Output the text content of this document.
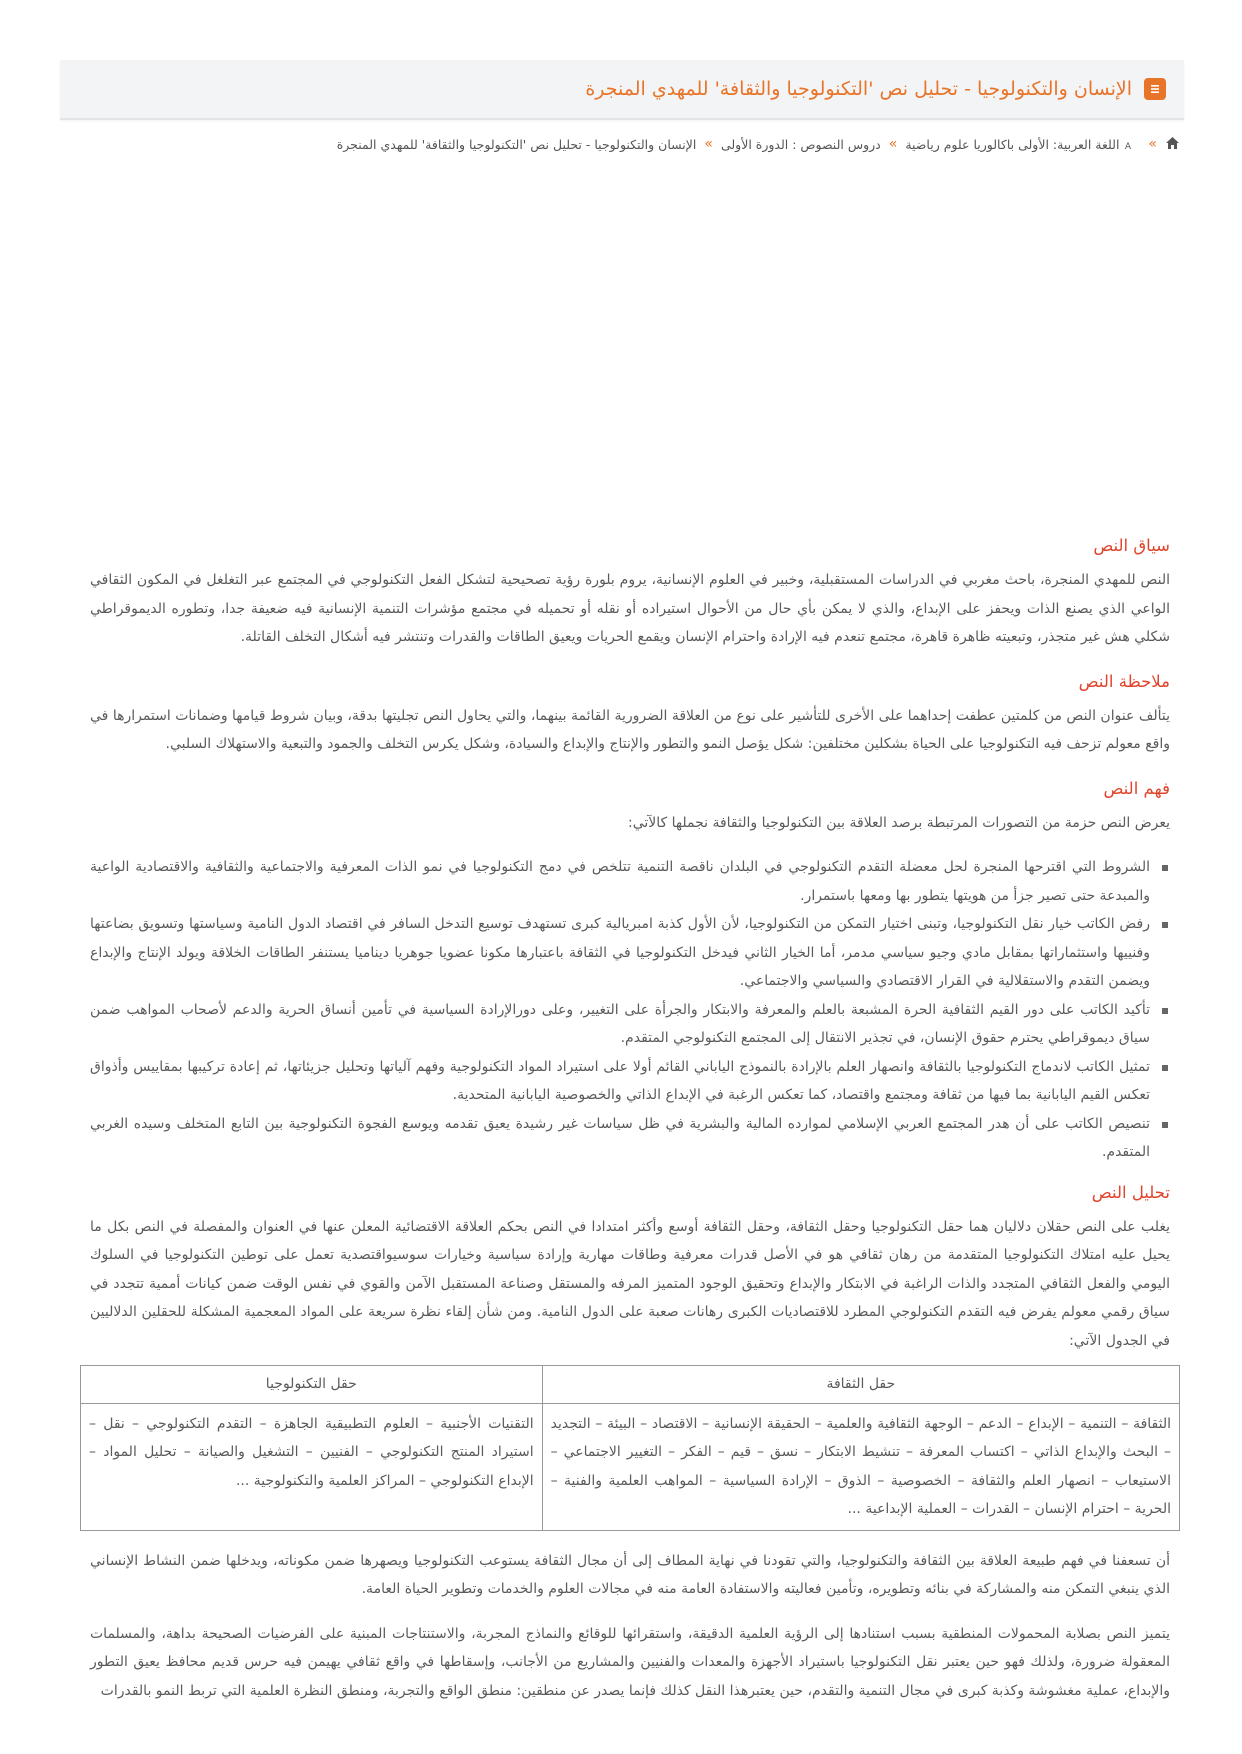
الإنسان والتكنولوجيا - تحليل نص 'التكنولوجيا والثقافة' للمهدي المنجرة
»
A
اللغة العربية: الأولى باكالوريا علوم رياضية
»
دروس النصوص : الدورة الأولى
»
الإنسان والتكنولوجيا - تحليل نص 'التكنولوجيا والثقافة' للمهدي المنجرة
سياق النص

النص للمهدي المنجرة، باحث مغربي في الدراسات المستقبلية، وخبير في العلوم الإنسانية، يروم بلورة رؤية تصحيحية لتشكل الفعل التكنولوجي في المجتمع عبر التغلغل في المكون الثقافي الواعي الذي يصنع الذات ويحفز على الإبداع، والذي لا يمكن بأي حال من الأحوال استيراده أو نقله أو تحميله في مجتمع مؤشرات التنمية الإنسانية فيه ضعيفة جدا، وتطوره الديموقراطي شكلي هش غير متجذر، وتبعيته ظاهرة قاهرة، مجتمع تنعدم فيه الإرادة واحترام الإنسان ويقمع الحريات ويعيق الطاقات والقدرات وتنتشر فيه أشكال التخلف القاتلة.

ملاحظة النص

يتألف عنوان النص من كلمتين عطفت إحداهما على الأخرى للتأشير على نوع من العلاقة الضرورية القائمة بينهما، والتي يحاول النص تجليتها بدقة، وبيان شروط قيامها وضمانات استمرارها في واقع معولم تزحف فيه التكنولوجيا على الحياة بشكلين مختلفين: شكل يؤصل النمو والتطور والإنتاج والإبداع والسيادة، وشكل يكرس التخلف والجمود والتبعية والاستهلاك السلبي.

فهم النص

يعرض النص حزمة من التصورات المرتبطة برصد العلاقة بين التكنولوجيا والثقافة نجملها كالآتي:

الشروط التي اقترحها المنجرة لحل معضلة التقدم التكنولوجي في البلدان ناقصة التنمية تتلخص في دمج التكنولوجيا في نمو الذات المعرفية والاجتماعية والثقافية والاقتصادية الواعية والمبدعة حتى تصير جزأ من هويتها يتطور بها ومعها باستمرار.
رفض الكاتب خيار نقل التكنولوجيا، وتبنى اختيار التمكن من التكنولوجيا، لأن الأول كذبة امبريالية كبرى تستهدف توسيع التدخل السافر في اقتصاد الدول النامية وسياستها وتسويق بضاعتها وفنييها واستثماراتها بمقابل مادي وجيو سياسي مدمر، أما الخيار الثاني فيدخل التكنولوجيا في الثقافة باعتبارها مكونا عضويا جوهريا ديناميا يستنفر الطاقات الخلاقة ويولد الإنتاج والإبداع ويضمن التقدم والاستقلالية في القرار الاقتصادي والسياسي والاجتماعي.
تأكيد الكاتب على دور القيم الثقافية الحرة المشبعة بالعلم والمعرفة والابتكار والجرأة على التغيير، وعلى دورالإرادة السياسية في تأمين أنساق الحرية والدعم لأصحاب المواهب ضمن سياق ديموقراطي يحترم حقوق الإنسان، في تجذير الانتقال إلى المجتمع التكنولوجي المتقدم.
تمثيل الكاتب لاندماج التكنولوجيا بالثقافة وانصهار العلم بالإرادة بالنموذج الياباني القائم أولا على استيراد المواد التكنولوجية وفهم آلياتها وتحليل جزيئاتها، ثم إعادة تركيبها بمقاييس وأذواق تعكس القيم اليابانية بما فيها من ثقافة ومجتمع واقتصاد، كما تعكس الرغبة في الإبداع الذاتي والخصوصية اليابانية المتحدية.
تنصيص الكاتب على أن هدر المجتمع العربي الإسلامي لموارده المالية والبشرية في ظل سياسات غير رشيدة يعيق تقدمه ويوسع الفجوة التكنولوجية بين التابع المتخلف وسيده الغربي المتقدم.
تحليل النص

يغلب على النص حقلان دلاليان هما حقل التكنولوجيا وحقل الثقافة، وحقل الثقافة أوسع وأكثر امتدادا في النص بحكم العلاقة الاقتضائية المعلن عنها في العنوان والمفصلة في النص بكل ما يحيل عليه امتلاك التكنولوجيا المتقدمة من رهان ثقافي هو في الأصل قدرات معرفية وطاقات مهارية وإرادة سياسية وخيارات سوسيواقتصدية تعمل على توطين التكنولوجيا في السلوك اليومي والفعل الثقافي المتجدد والذات الراغبة في الابتكار والإبداع وتحقيق الوجود المتميز المرفه والمستقل وصناعة المستقبل الآمن والقوي في نفس الوقت ضمن كيانات أممية تتجدد في سياق رقمي معولم يفرض فيه التقدم التكنولوجي المطرد للاقتصاديات الكبرى رهانات صعبة على الدول النامية. ومن شأن إلقاء نظرة سريعة على المواد المعجمية المشكلة للحقلين الدلاليين في الجدول الآتي:

حقل الثقافة	حقل التكنولوجيا
الثقافة – التنمية – الإبداع – الدعم – الوجهة الثقافية والعلمية – الحقيقة الإنسانية – الاقتصاد – البيئة – التجديد – البحث والإبداع الذاتي – اكتساب المعرفة – تنشيط الابتكار – نسق – قيم – الفكر – التغيير الاجتماعي – الاستيعاب – انصهار العلم والثقافة – الخصوصية – الذوق – الإرادة السياسية – المواهب العلمية والفنية – الحرية – احترام الإنسان – القدرات – العملية الإبداعية ...	التقنيات الأجنبية – العلوم التطبيقية الجاهزة – التقدم التكنولوجي – نقل – استيراد المنتج التكنولوجي – الفنيين – التشغيل والصيانة – تحليل المواد – الإبداع التكنولوجي – المراكز العلمية والتكنولوجية ...

أن تسعفنا في فهم طبيعة العلاقة بين الثقافة والتكنولوجيا، والتي تقودنا في نهاية المطاف إلى أن مجال الثقافة يستوعب التكنولوجيا ويصهرها ضمن مكوناته، ويدخلها ضمن النشاط الإنساني الذي ينبغي التمكن منه والمشاركة في بنائه وتطويره، وتأمين فعاليته والاستفادة العامة منه في مجالات العلوم والخدمات وتطوير الحياة العامة.

يتميز النص بصلابة المحمولات المنطقية بسبب استنادها إلى الرؤية العلمية الدقيقة، واستقرائها للوقائع والنماذج المجربة، والاستنتاجات المبنية على الفرضيات الصحيحة بداهة، والمسلمات المعقولة ضرورة، ولذلك فهو حين يعتبر نقل التكنولوجيا باستيراد الأجهزة والمعدات والفنيين والمشاريع من الأجانب، وإسقاطها في واقع ثقافي يهيمن فيه حرس قديم محافظ يعيق التطور والإبداع، عملية مغشوشة وكذبة كبرى في مجال التنمية والتقدم، حين يعتبرهذا النقل كذلك فإنما يصدر عن منطقين: منطق الواقع والتجربة، ومنطق النظرة العلمية التي تربط النمو بالقدرات
